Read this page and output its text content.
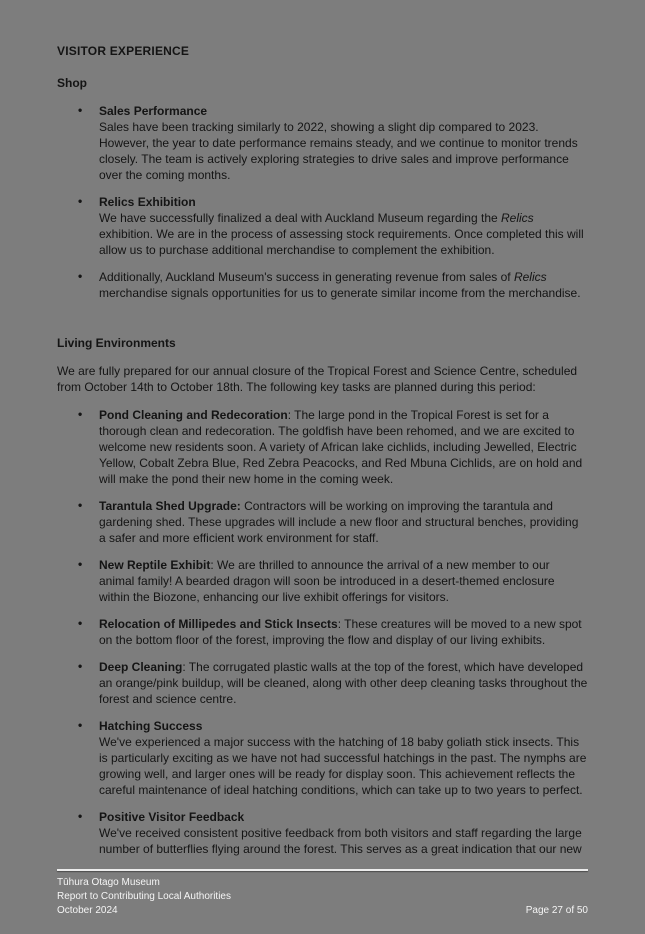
VISITOR EXPERIENCE
Shop
• Sales Performance
Sales have been tracking similarly to 2022, showing a slight dip compared to 2023. However, the year to date performance remains steady, and we continue to monitor trends closely. The team is actively exploring strategies to drive sales and improve performance over the coming months.
• Relics Exhibition
We have successfully finalized a deal with Auckland Museum regarding the Relics exhibition. We are in the process of assessing stock requirements. Once completed this will allow us to purchase additional merchandise to complement the exhibition.
• Additionally, Auckland Museum's success in generating revenue from sales of Relics merchandise signals opportunities for us to generate similar income from the merchandise.
Living Environments

We are fully prepared for our annual closure of the Tropical Forest and Science Centre, scheduled from October 14th to October 18th. The following key tasks are planned during this period:

• Pond Cleaning and Redecoration: The large pond in the Tropical Forest is set for a thorough clean and redecoration. The goldfish have been rehomed, and we are excited to welcome new residents soon. A variety of African lake cichlids, including Jewelled, Electric Yellow, Cobalt Zebra Blue, Red Zebra Peacocks, and Red Mbuna Cichlids, are on hold and will make the pond their new home in the coming week.
• Tarantula Shed Upgrade: Contractors will be working on improving the tarantula and gardening shed. These upgrades will include a new floor and structural benches, providing a safer and more efficient work environment for staff.
• New Reptile Exhibit: We are thrilled to announce the arrival of a new member to our animal family! A bearded dragon will soon be introduced in a desert-themed enclosure within the Biozone, enhancing our live exhibit offerings for visitors.
• Relocation of Millipedes and Stick Insects: These creatures will be moved to a new spot on the bottom floor of the forest, improving the flow and display of our living exhibits.
• Deep Cleaning: The corrugated plastic walls at the top of the forest, which have developed an orange/pink buildup, will be cleaned, along with other deep cleaning tasks throughout the forest and science centre.
• Hatching Success
We've experienced a major success with the hatching of 18 baby goliath stick insects. This is particularly exciting as we have not had successful hatchings in the past. The nymphs are growing well, and larger ones will be ready for display soon. This achievement reflects the careful maintenance of ideal hatching conditions, which can take up to two years to perfect.
• Positive Visitor Feedback
We've received consistent positive feedback from both visitors and staff regarding the large number of butterflies flying around the forest. This serves as a great indication that our new
Tūhura Otago Museum
Report to Contributing Local Authorities
October 2024	Page 27 of 50
